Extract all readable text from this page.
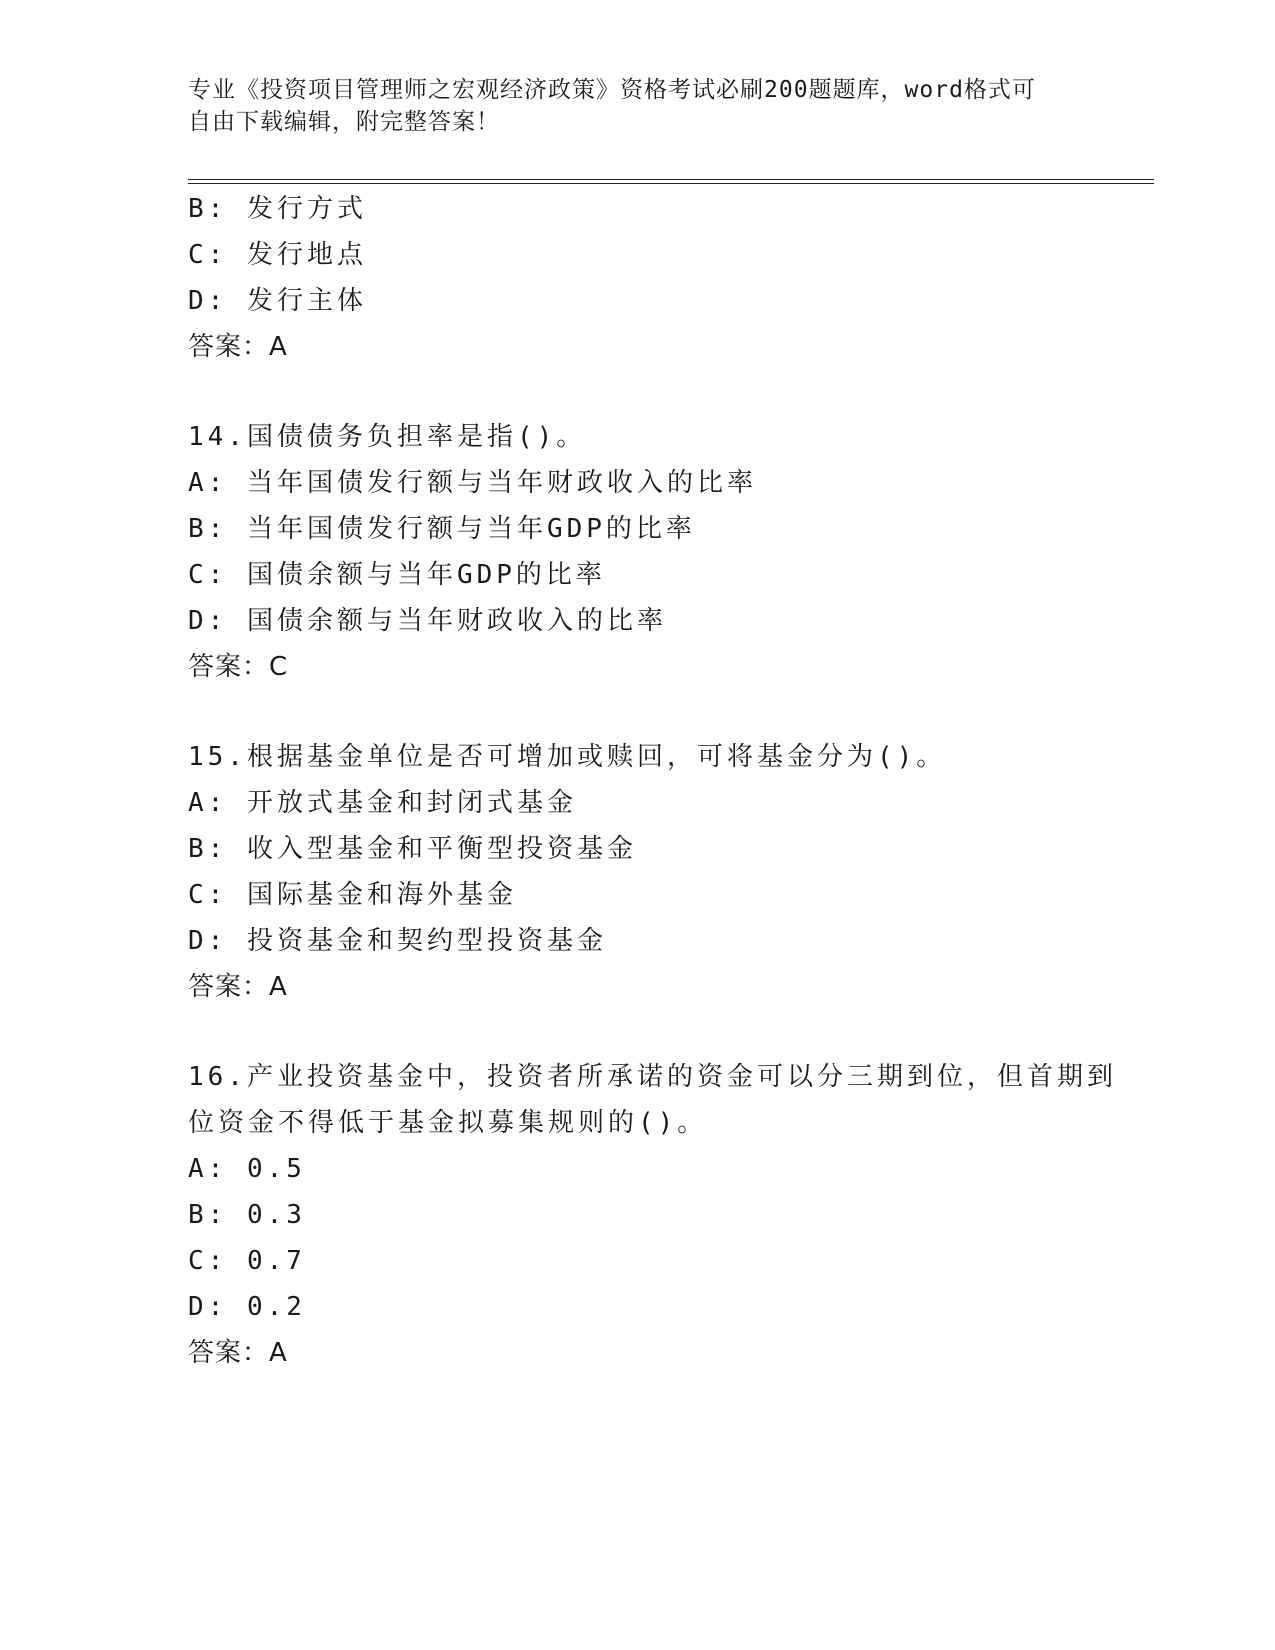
专业《投资项目管理师之宏观经济政策》资格考试必刷200题题库，word格式可
自由下载编辑，附完整答案！
B: 发行方式
C: 发行地点
D: 发行主体
答案：A
14.国债债务负担率是指()。
A: 当年国债发行额与当年财政收入的比率
B: 当年国债发行额与当年GDP的比率
C: 国债余额与当年GDP的比率
D: 国债余额与当年财政收入的比率
答案：C
15.根据基金单位是否可增加或赎回，可将基金分为()。
A: 开放式基金和封闭式基金
B: 收入型基金和平衡型投资基金
C: 国际基金和海外基金
D: 投资基金和契约型投资基金
答案：A
16.产业投资基金中，投资者所承诺的资金可以分三期到位，但首期到
位资金不得低于基金拟募集规则的()。
A: 0.5
B: 0.3
C: 0.7
D: 0.2
答案：A
